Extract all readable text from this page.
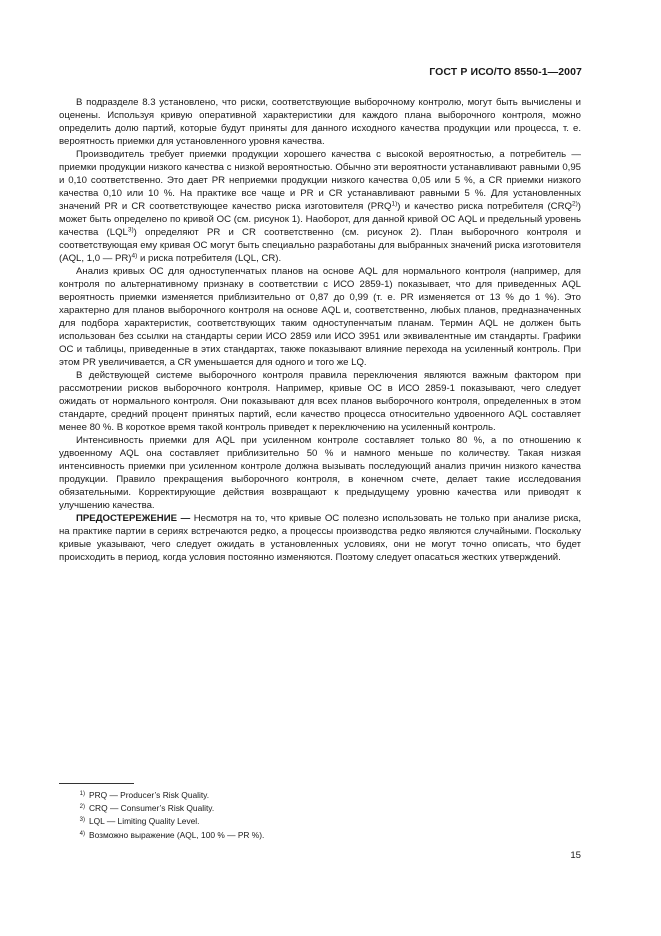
ГОСТ Р ИСО/ТО 8550-1—2007

В подразделе 8.3 установлено, что риски, соответствующие выборочному контролю, могут быть вычислены и оценены. Используя кривую оперативной характеристики для каждого плана выборочного контроля, можно определить долю партий, которые будут приняты для данного исходного качества продукции или процесса, т. е. вероятность приемки для установленного уровня качества.

Производитель требует приемки продукции хорошего качества с высокой вероятностью, а потребитель — приемки продукции низкого качества с низкой вероятностью. Обычно эти вероятности устанавливают равными 0,95 и 0,10 соответственно. Это дает PR неприемки продукции низкого качества 0,05 или 5 %, а CR приемки низкого качества 0,10 или 10 %. На практике все чаще и PR и CR устанавливают равными 5 %. Для установленных значений PR и CR соответствующее качество риска изготовителя (PRQ$^{1)}$) и качество риска потребителя (CRQ$^{2)}$) может быть определено по кривой ОС (см. рисунок 1). Наоборот, для данной кривой ОС AQL и предельный уровень качества (LQL$^{3)}$) определяют PR и CR соответственно (см. рисунок 2). План выборочного контроля и соответствующая ему кривая ОС могут быть специально разработаны для выбранных значений риска изготовителя (AQL, 1,0 — PR)$^{4)}$ и риска потребителя (LQL, CR).

Анализ кривых ОС для одноступенчатых планов на основе AQL для нормального контроля (например, для контроля по альтернативному признаку в соответствии с ИСО 2859-1) показывает, что для приведенных AQL вероятность приемки изменяется приблизительно от 0,87 до 0,99 (т. е. PR изменяется от 13 % до 1 %). Это характерно для планов выборочного контроля на основе AQL и, соответственно, любых планов, предназначенных для подбора характеристик, соответствующих таким одноступенчатым планам. Термин AQL не должен быть использован без ссылки на стандарты серии ИСО 2859 или ИСО 3951 или эквивалентные им стандарты. Графики ОС и таблицы, приведенные в этих стандартах, также показывают влияние перехода на усиленный контроль. При этом PR увеличивается, а CR уменьшается для одного и того же LQ.

В действующей системе выборочного контроля правила переключения являются важным фактором при рассмотрении рисков выборочного контроля. Например, кривые ОС в ИСО 2859-1 показывают, чего следует ожидать от нормального контроля. Они показывают для всех планов выборочного контроля, определенных в этом стандарте, средний процент принятых партий, если качество процесса относительно удвоенного AQL составляет менее 80 %. В короткое время такой контроль приведет к переключению на усиленный контроль.

Интенсивность приемки для AQL при усиленном контроле составляет только 80 %, а по отношению к удвоенному AQL она составляет приблизительно 50 % и намного меньше по количеству. Такая низкая интенсивность приемки при усиленном контроле должна вызывать последующий анализ причин низкого качества продукции. Правило прекращения выборочного контроля, в конечном счете, делает такие исследования обязательными. Корректирующие действия возвращают к предыдущему уровню качества или приводят к улучшению качества.

ПРЕДОСТЕРЕЖЕНИЕ — Несмотря на то, что кривые ОС полезно использовать не только при анализе риска, на практике партии в сериях встречаются редко, а процессы производства редко являются случайными. Поскольку кривые указывают, чего следует ожидать в установленных условиях, они не могут точно описать, что будет происходить в период, когда условия постоянно изменяются. Поэтому следует опасаться жестких утверждений.

1) PRQ — Producer’s Risk Quality.
2) CRQ — Consumer’s Risk Quality.
3) LQL — Limiting Quality Level.
4) Возможно выражение (AQL, 100 % — PR %).
15
